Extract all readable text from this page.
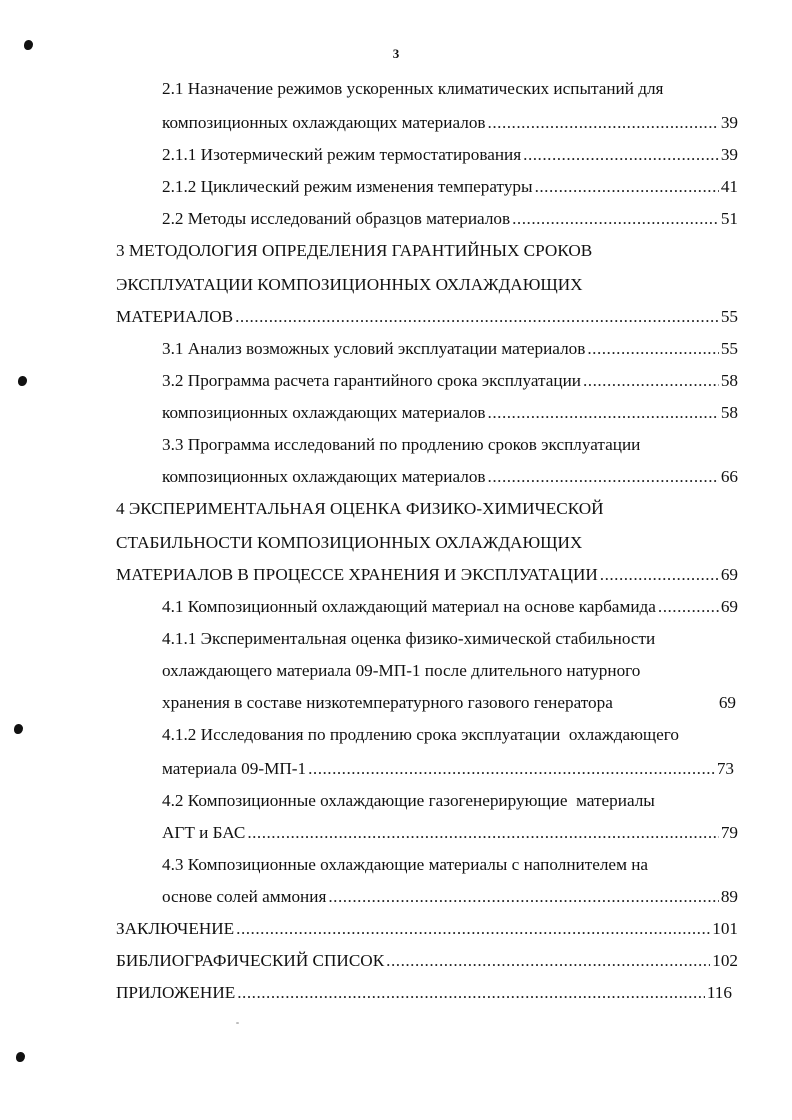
3
2.1 Назначение режимов ускоренных климатических испытаний для
композиционных охлаждающих материалов .....	39
2.1.1 Изотермический режим термостатирования .....	39
2.1.2 Циклический режим изменения температуры .....	41
2.2 Методы исследований образцов материалов .....	51
3 МЕТОДОЛОГИЯ ОПРЕДЕЛЕНИЯ ГАРАНТИЙНЫХ СРОКОВ
ЭКСПЛУАТАЦИИ КОМПОЗИЦИОННЫХ ОХЛАЖДАЮЩИХ
МАТЕРИАЛОВ .....	55
3.1 Анализ возможных условий эксплуатации материалов .....	55
3.2 Программа расчета гарантийного срока эксплуатации .....	58
композиционных охлаждающих материалов .....	58
3.3 Программа исследований по продлению сроков эксплуатации
композиционных охлаждающих материалов .....	66
4 ЭКСПЕРИМЕНТАЛЬНАЯ ОЦЕНКА ФИЗИКО-ХИМИЧЕСКОЙ
СТАБИЛЬНОСТИ КОМПОЗИЦИОННЫХ ОХЛАЖДАЮЩИХ
МАТЕРИАЛОВ В ПРОЦЕССЕ ХРАНЕНИЯ И ЭКСПЛУАТАЦИИ .....	69
4.1 Композиционный охлаждающий материал на основе карбамида .....	69
4.1.1 Экспериментальная оценка физико-химической стабильности
охлаждающего материала 09-МП-1 после длительного натурного
хранения в составе низкотемпературного газового генератора	69
4.1.2 Исследования по продлению срока эксплуатации  охлаждающего
материала 09-МП-1 .....	73
4.2 Композиционные охлаждающие газогенерирующие  материалы
АГТ и БАС .....	79
4.3 Композиционные охлаждающие материалы с наполнителем на
основе солей аммония .....	89
ЗАКЛЮЧЕНИЕ .....	101
БИБЛИОГРАФИЧЕСКИЙ СПИСОК .....	102
ПРИЛОЖЕНИЕ .....	116
